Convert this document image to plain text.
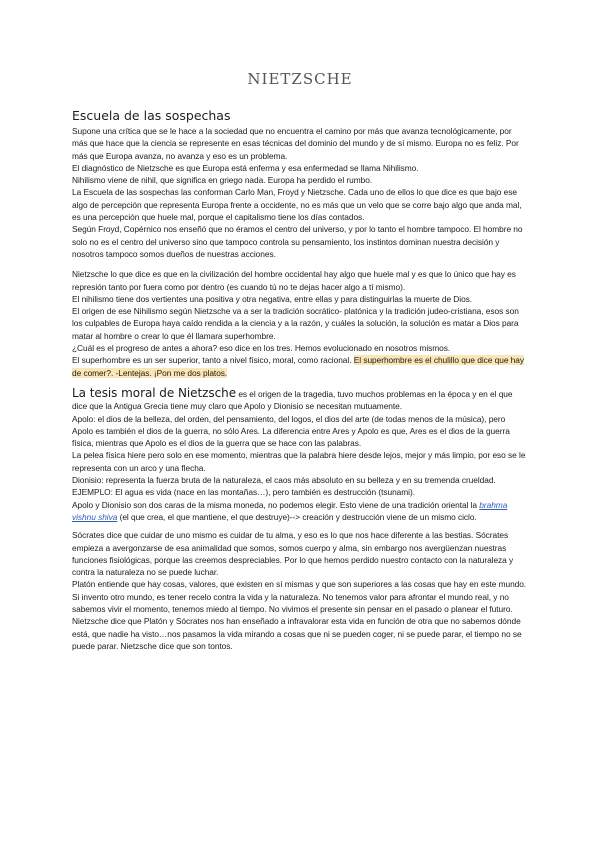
NIETZSCHE
Escuela de las sospechas

Supone una crítica que se le hace a la sociedad que no encuentra el camino por más que avanza tecnológicamente, por más que hace que la ciencia se represente en esas técnicas del dominio del mundo y de sí mismo. Europa no es feliz. Por más que Europa avanza, no avanza y eso es un problema.

El diagnóstico de Nietzsche es que Europa está enferma y esa enfermedad se llama Nihilismo.

Nihilismo viene de nihil, que significa en griego nada. Europa ha perdido el rumbo.

La Escuela de las sospechas las conforman Carlo Man, Froyd y Nietzsche. Cada uno de ellos lo que dice es que bajo ese algo de percepción que representa Europa frente a occidente, no es más que un velo que se corre bajo algo que anda mal, es una percepción que huele mal, porque el capitalismo tiene los días contados.

Según Froyd, Copérnico nos enseñó que no éramos el centro del universo, y por lo tanto el hombre tampoco. El hombre no solo no es el centro del universo sino que tampoco controla su pensamiento, los instintos dominan nuestra decisión y nosotros tampoco somos dueños de nuestras acciones.

Nietzsche lo que dice es que en la civilización del hombre occidental hay algo que huele mal y es que lo único que hay es represión tanto por fuera como por dentro (es cuando tú no te dejas hacer algo a tí mismo).

El nihilismo tiene dos vertientes una positiva y otra negativa, entre ellas y para distinguirlas la muerte de Dios.

El origen de ese Nihilismo según Nietzsche va a ser la tradición socrático- platónica y la tradición judeo-cristiana, esos son los culpables de Europa haya caído rendida a la ciencia y a la razón, y cuáles la solución, la solución es matar a Dios para matar al hombre o crear lo que él llamara superhombre.

¿Cuál es el progreso de antes a ahora? eso dice en los tres. Hemos evolucionado en nosotros mismos.

El superhombre es un ser superior, tanto a nivel físico, moral, como racional. El superhombre es el chulillo que dice que hay de comer?. -Lentejas. ¡Pon me dos platos.

La tesis moral de Nietzsche es el origen de la tragedia, tuvo muchos problemas en la época y en el que dice que la Antigua Grecia tiene muy claro que Apolo y Dionisio se necesitan mutuamente.

Apolo: el dios de la belleza, del orden, del pensamiento, del logos, el dios del arte (de todas menos de la música), pero Apolo es también el dios de la guerra, no sólo Ares. La diferencia entre Ares y Apolo es que, Ares es el dios de la guerra física, mientras que Apolo es el dios de la guerra que se hace con las palabras.

La pelea física hiere pero solo en ese momento, mientras que la palabra hiere desde lejos, mejor y más limpio, por eso se le representa con un arco y una flecha.

Dionisio: representa la fuerza bruta de la naturaleza, el caos más absoluto en su belleza y en su tremenda crueldad. EJEMPLO: El agua es vida (nace en las montañas…), pero también es destrucción (tsunami).

Apolo y Dionisio son dos caras de la misma moneda, no podemos elegir. Esto viene de una tradición oriental la brahma vishnu shiva (el que crea, el que mantiene, el que destruye)--> creación y destrucción viene de un mismo ciclo.

Sócrates dice que cuidar de uno mismo es cuidar de tu alma, y eso es lo que nos hace diferente a las bestias. Sócrates empieza a avergonzarse de esa animalidad que somos, somos cuerpo y alma, sin embargo nos avergüenzan nuestras funciones fisiológicas, porque las creemos despreciables. Por lo que hemos perdido nuestro contacto con la naturaleza y contra la naturaleza no se puede luchar.

Platón entiende que hay cosas, valores, que existen en sí mismas y que son superiores a las cosas que hay en este mundo. Si invento otro mundo, es tener recelo contra la vida y la naturaleza. No tenemos valor para afrontar el mundo real, y no sabemos vivir el momento, tenemos miedo al tiempo. No vivimos el presente sin pensar en el pasado o planear el futuro.

Nietzsche dice que Platón y Sócrates nos han enseñado a infravalorar esta vida en función de otra que no sabemos dónde está, que nadie ha visto…nos pasamos la vida mirando a cosas que ni se pueden coger, ni se puede parar, el tiempo no se puede parar. Nietzsche dice que son tontos.
